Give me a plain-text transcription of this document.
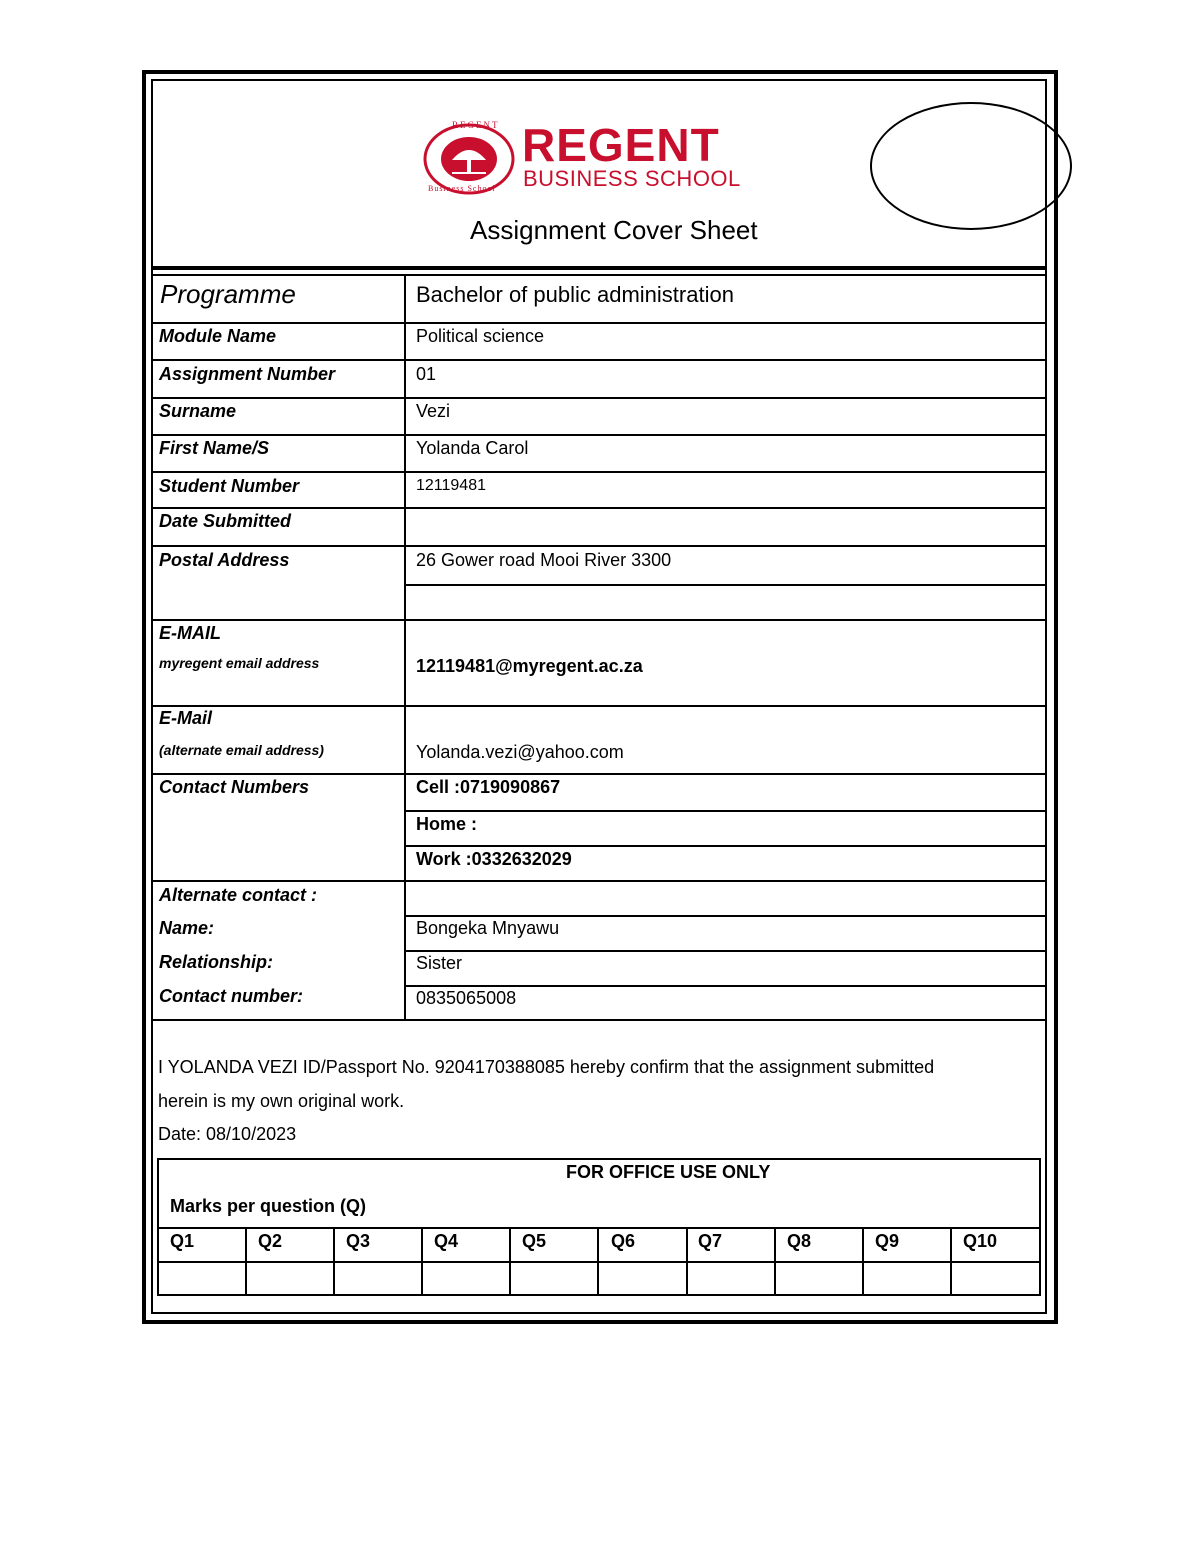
REGENT
Business School
REGENT
BUSINESS SCHOOL
Assignment Cover Sheet
Programme	Bachelor of public administration
Module Name	Political science
Assignment Number	01
Surname	Vezi
First Name/S	Yolanda Carol
Student Number	12119481
Date Submitted
Postal Address	26 Gower road Mooi River 3300
E-MAIL
myregent email address	12119481@myregent.ac.za
E-Mail
(alternate email address)	Yolanda.vezi@yahoo.com
Contact Numbers	Cell :0719090867
Home :
Work :0332632029
Alternate contact :
Name:	Bongeka Mnyawu
Relationship:	Sister
Contact number:	0835065008
I YOLANDA VEZI ID/Passport No. 9204170388085 hereby confirm that the assignment submitted
herein is my own original work.
Date: 08/10/2023
FOR OFFICE USE ONLY
Marks per question (Q)
Q1	Q2	Q3	Q4	Q5	Q6	Q7	Q8	Q9	Q10
